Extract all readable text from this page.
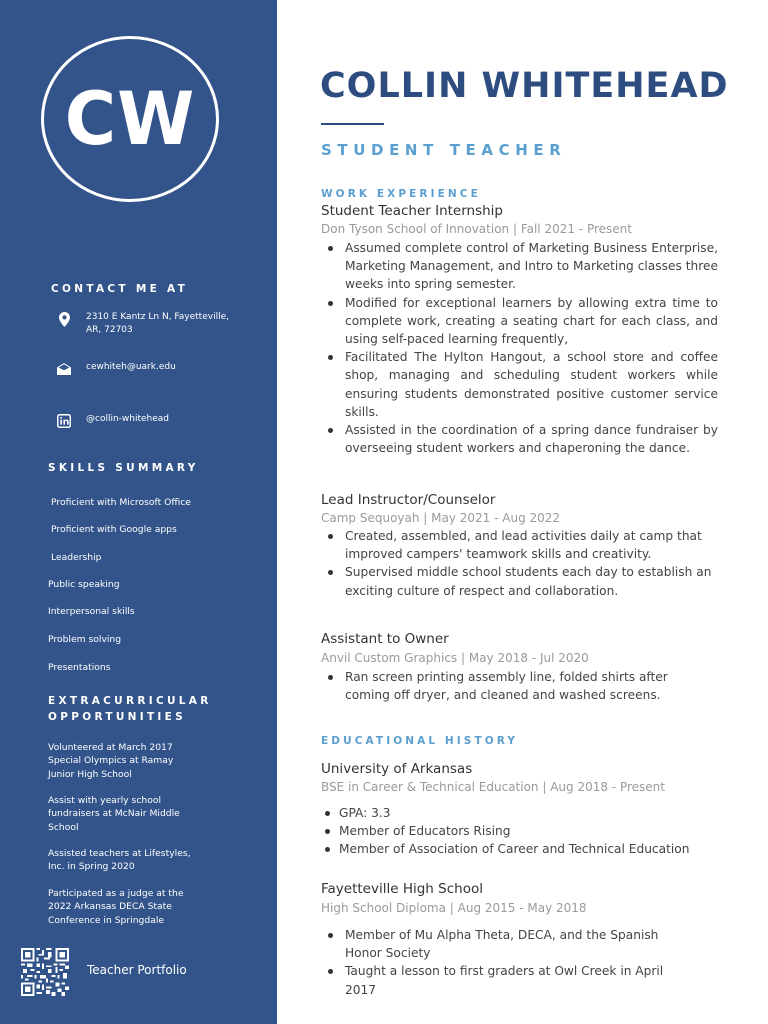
CW
CONTACT ME AT
2310 E Kantz Ln N, Fayetteville, AR, 72703
cewhiteh@uark.edu
@collin-whitehead
SKILLS SUMMARY
Proficient with Microsoft Office
Proficient with Google apps
Leadership
Public speaking
Interpersonal skills
Problem solving
Presentations
EXTRACURRICULAR
OPPORTUNITIES
Volunteered at March 2017 Special Olympics at Ramay Junior High School
Assist with yearly school fundraisers at McNair Middle School
Assisted teachers at Lifestyles, Inc. in Spring 2020
Participated as a judge at the 2022 Arkansas DECA State Conference in Springdale
Teacher Portfolio
COLLIN WHITEHEAD
STUDENT TEACHER
WORK EXPERIENCE
Student Teacher Internship
Don Tyson School of Innovation | Fall 2021 - Present
Assumed complete control of Marketing Business Enterprise, Marketing Management, and Intro to Marketing classes three weeks into spring semester.
Modified for exceptional learners by allowing extra time to complete work, creating a seating chart for each class, and using self-paced learning frequently,
Facilitated The Hylton Hangout, a school store and coffee shop, managing and scheduling student workers while ensuring students demonstrated positive customer service skills.
Assisted in the coordination of a spring dance fundraiser by overseeing student workers and chaperoning the dance.
Lead Instructor/Counselor
Camp Sequoyah | May 2021 - Aug 2022
Created, assembled, and lead activities daily at camp that improved campers' teamwork skills and creativity.
Supervised middle school students each day to establish an exciting culture of respect and collaboration.
Assistant to Owner
Anvil Custom Graphics | May 2018 - Jul 2020
Ran screen printing assembly line, folded shirts after coming off dryer, and cleaned and washed screens.
EDUCATIONAL HISTORY
University of Arkansas
BSE in Career & Technical Education | Aug 2018 - Present
GPA: 3.3
Member of Educators Rising
Member of Association of Career and Technical Education
Fayetteville High School
High School Diploma | Aug 2015 - May 2018
Member of Mu Alpha Theta, DECA, and the Spanish Honor Society
Taught a lesson to first graders at Owl Creek in April 2017
